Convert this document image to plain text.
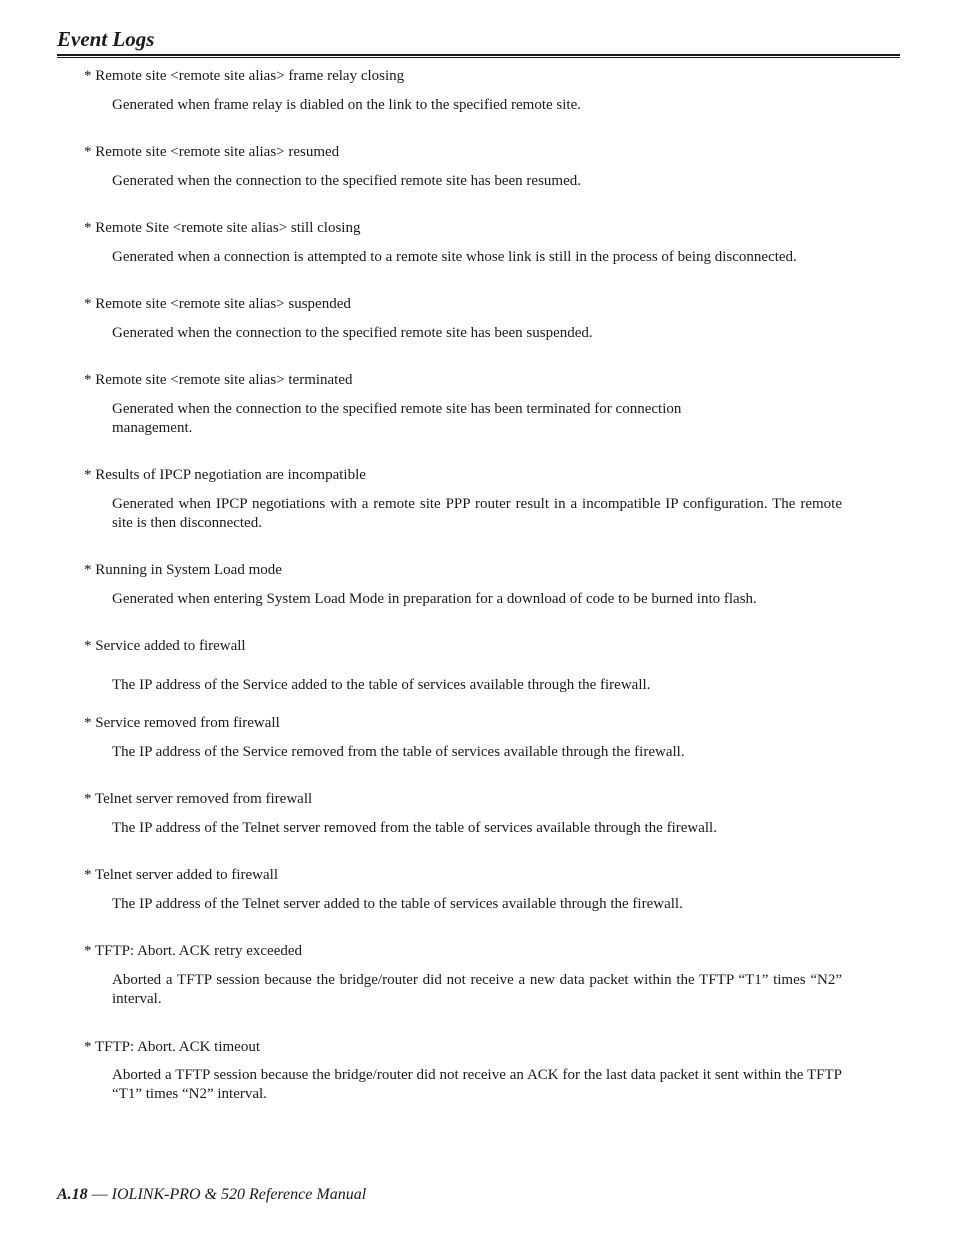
Event Logs
* Remote site <remote site alias> frame relay closing
Generated when frame relay is diabled on the link to the specified remote site.
* Remote site <remote site alias> resumed
Generated when the connection to the specified remote site has been resumed.
* Remote Site <remote site alias> still closing
Generated when a connection is attempted to a remote site whose link is still in the process of being disconnected.
* Remote site <remote site alias> suspended
Generated when the connection to the specified remote site has been suspended.
* Remote site <remote site alias> terminated
Generated when the connection to the specified remote site has been terminated for connection management.
* Results of IPCP negotiation are incompatible
Generated when IPCP negotiations with a remote site PPP router result in a incompatible IP configuration. The remote site is then disconnected.
* Running in System Load mode
Generated when entering System Load Mode in preparation for a download of code to be burned into flash.
* Service added to firewall
The IP address of the Service added to the table of services available through the firewall.
* Service removed from firewall
The IP address of the Service removed from the table of services available through the firewall.
* Telnet server removed from firewall
The IP address of the Telnet server removed from the table of services available through the firewall.
* Telnet server added to firewall
The IP address of the Telnet server added to the table of services available through the firewall.
* TFTP: Abort. ACK retry exceeded
Aborted a TFTP session because the bridge/router did not receive a new data packet within the TFTP “T1” times “N2” interval.
* TFTP: Abort. ACK timeout
Aborted a TFTP session because the bridge/router did not receive an ACK for the last data packet it sent within the TFTP “T1” times “N2” interval.
A.18 — IOLINK-PRO & 520 Reference Manual
